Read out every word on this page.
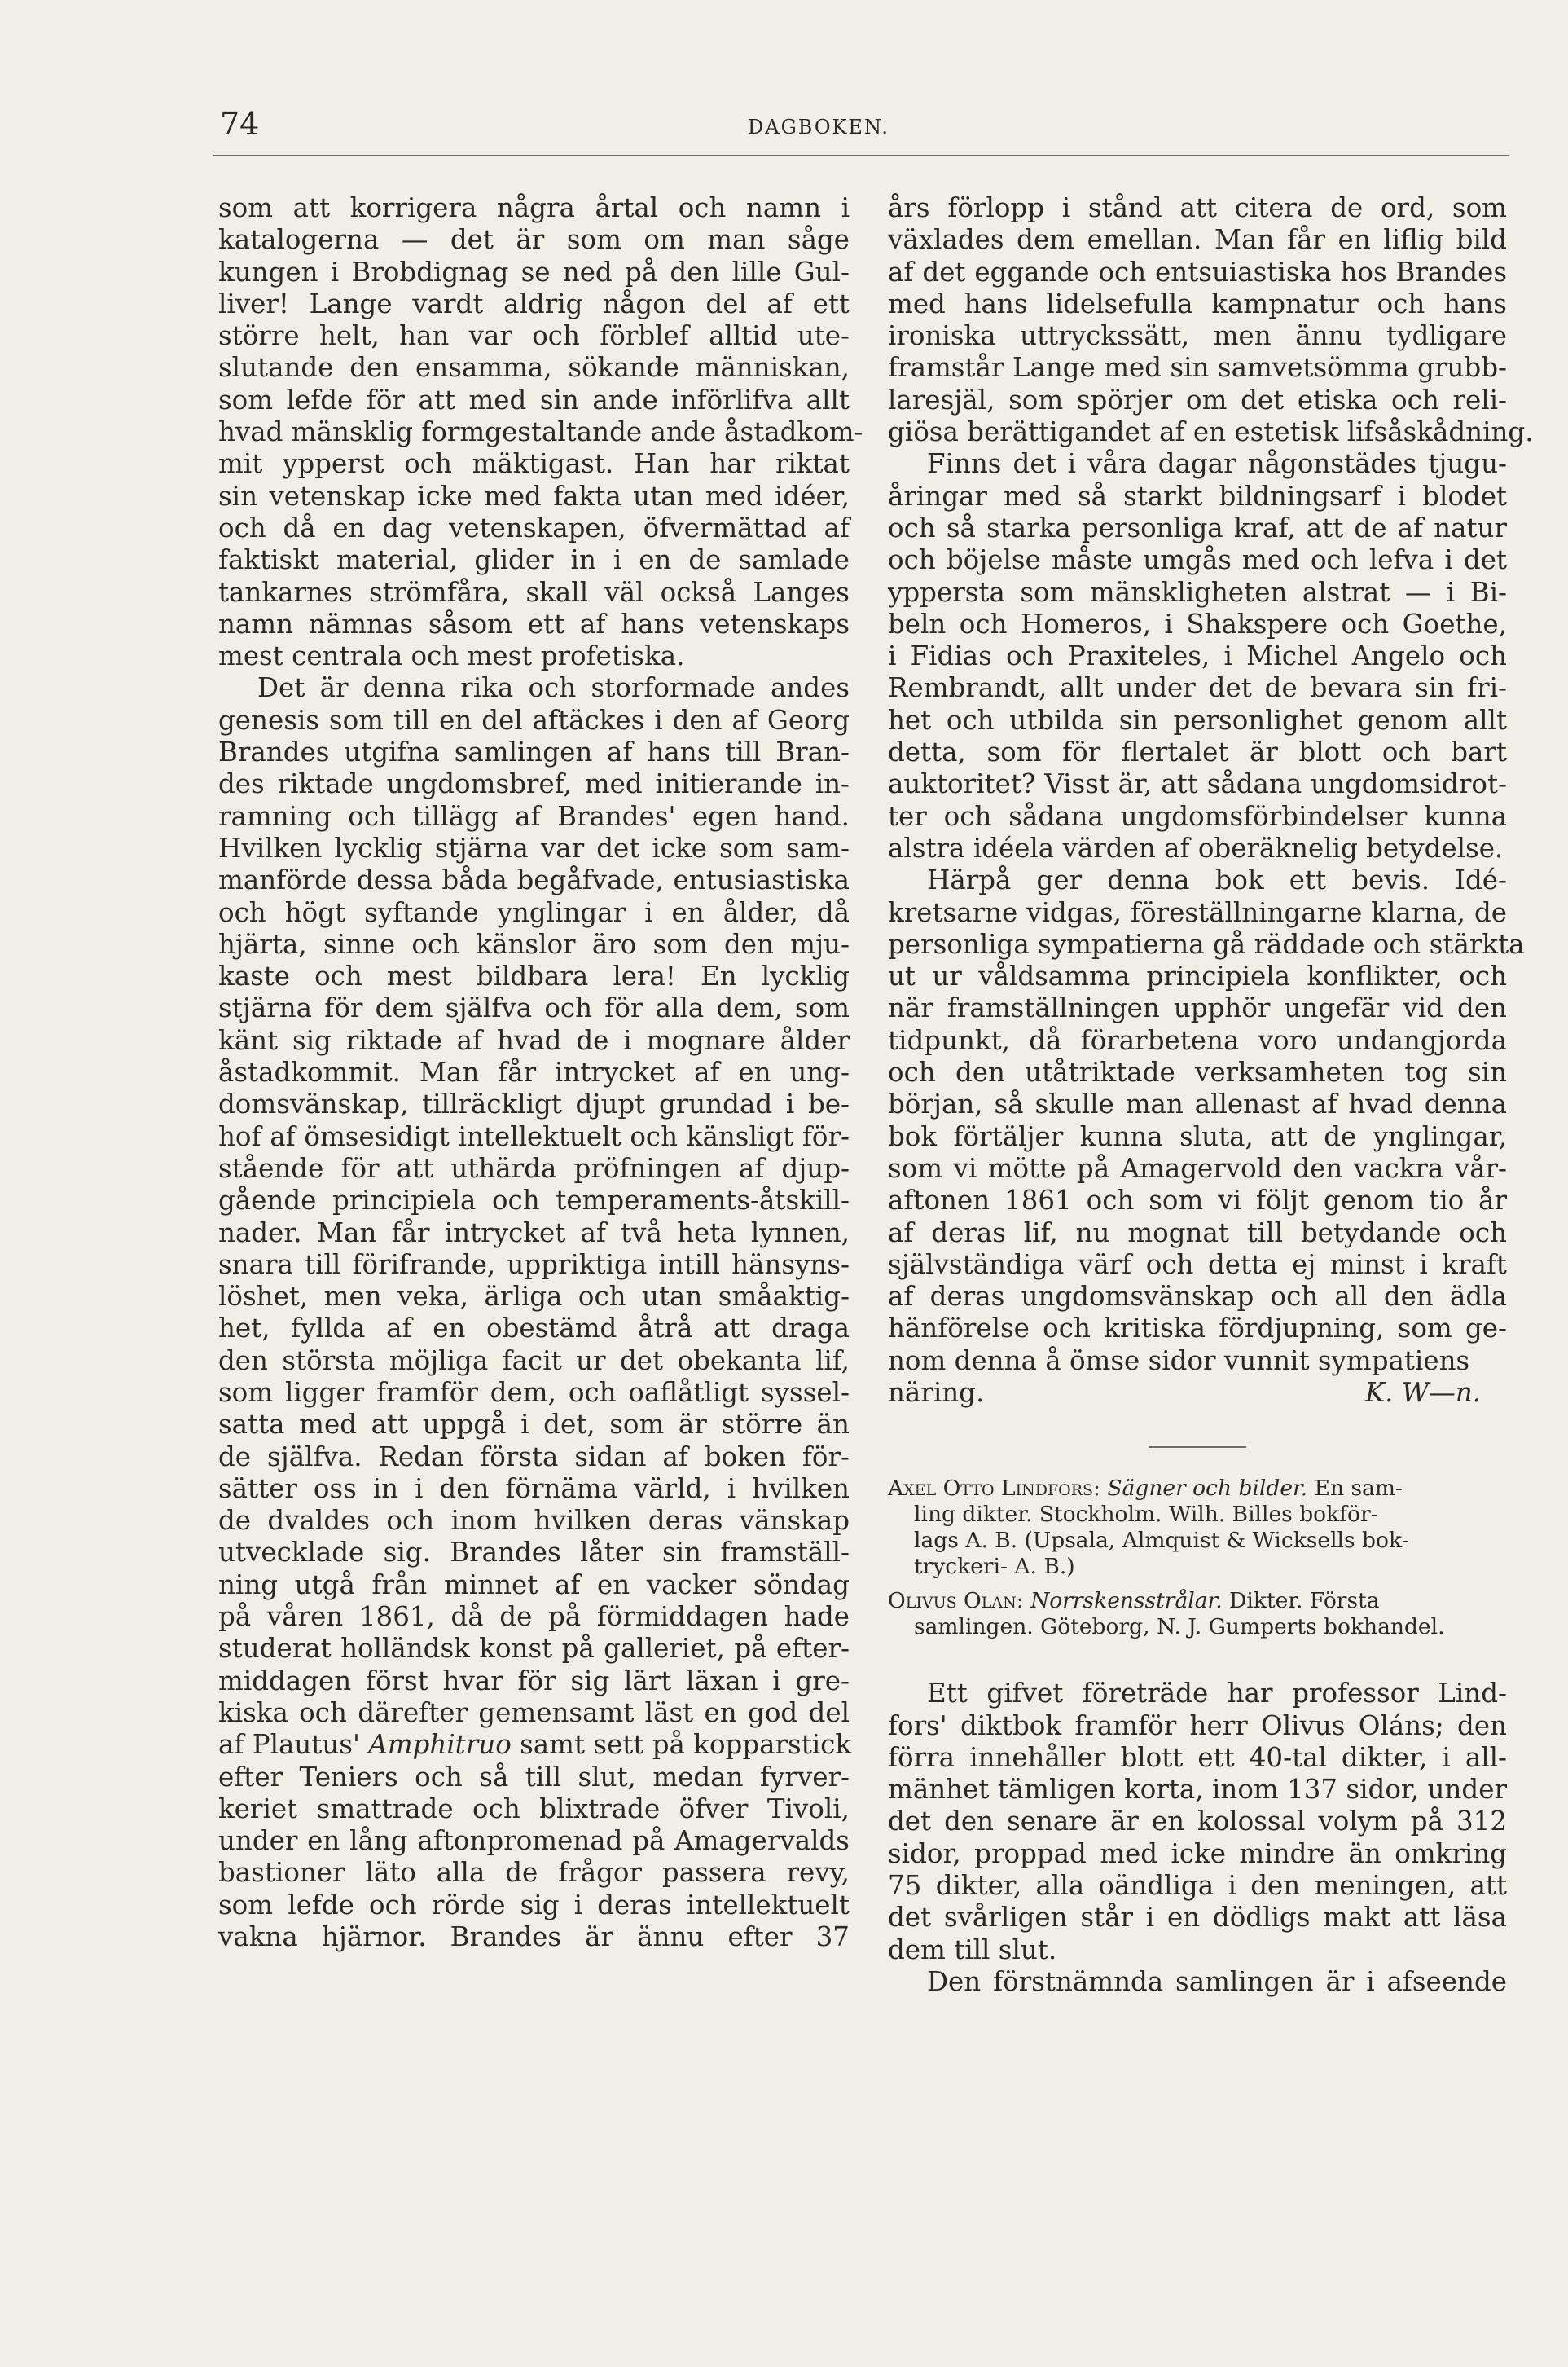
74	DAGBOKEN.

som att korrigera några årtal och namn i
katalogerna — det är som om man såge
kungen i Brobdignag se ned på den lille Gul-
liver! Lange vardt aldrig någon del af ett
större helt, han var och förblef alltid ute-
slutande den ensamma, sökande människan,
som lefde för att med sin ande införlifva allt
hvad mänsklig formgestaltande ande åstadkom-
mit ypperst och mäktigast. Han har riktat
sin vetenskap icke med fakta utan med idéer,
och då en dag vetenskapen, öfvermättad af
faktiskt material, glider in i en de samlade
tankarnes strömfåra, skall väl också Langes
namn nämnas såsom ett af hans vetenskaps
mest centrala och mest profetiska.

Det är denna rika och storformade andes
genesis som till en del aftäckes i den af Georg
Brandes utgifna samlingen af hans till Bran-
des riktade ungdomsbref, med initierande in-
ramning och tillägg af Brandes' egen hand.
Hvilken lycklig stjärna var det icke som sam-
manförde dessa båda begåfvade, entusiastiska
och högt syftande ynglingar i en ålder, då
hjärta, sinne och känslor äro som den mju-
kaste och mest bildbara lera! En lycklig
stjärna för dem själfva och för alla dem, som
känt sig riktade af hvad de i mognare ålder
åstadkommit. Man får intrycket af en ung-
domsvänskap, tillräckligt djupt grundad i be-
hof af ömsesidigt intellektuelt och känsligt för-
stående för att uthärda pröfningen af djup-
gående principiela och temperaments-åtskill-
nader. Man får intrycket af två heta lynnen,
snara till förifrande, uppriktiga intill hänsyns-
löshet, men veka, ärliga och utan småaktig-
het, fyllda af en obestämd åtrå att draga
den största möjliga facit ur det obekanta lif,
som ligger framför dem, och oaflåtligt syssel-
satta med att uppgå i det, som är större än
de själfva. Redan första sidan af boken för-
sätter oss in i den förnäma värld, i hvilken
de dvaldes och inom hvilken deras vänskap
utvecklade sig. Brandes låter sin framställ-
ning utgå från minnet af en vacker söndag
på våren 1861, då de på förmiddagen hade
studerat holländsk konst på galleriet, på efter-
middagen först hvar för sig lärt läxan i gre-
kiska och därefter gemensamt läst en god del

af Plautus' Amphitruo samt sett på kopparstick

efter Teniers och så till slut, medan fyrver-
keriet smattrade och blixtrade öfver Tivoli,
under en lång aftonpromenad på Amagervalds
bastioner läto alla de frågor passera revy,
som lefde och rörde sig i deras intellektuelt
vakna hjärnor. Brandes är ännu efter 37

års förlopp i stånd att citera de ord, som
växlades dem emellan. Man får en liflig bild
af det eggande och entsuiastiska hos Brandes
med hans lidelsefulla kampnatur och hans
ironiska uttryckssätt, men ännu tydligare
framstår Lange med sin samvetsömma grubb-
laresjäl, som spörjer om det etiska och reli-
giösa berättigandet af en estetisk lifsåskådning.

Finns det i våra dagar någonstädes tjugu-
åringar med så starkt bildningsarf i blodet
och så starka personliga kraf, att de af natur
och böjelse måste umgås med och lefva i det
yppersta som mänskligheten alstrat — i Bi-
beln och Homeros, i Shakspere och Goethe,
i Fidias och Praxiteles, i Michel Angelo och
Rembrandt, allt under det de bevara sin fri-
het och utbilda sin personlighet genom allt
detta, som för flertalet är blott och bart
auktoritet? Visst är, att sådana ungdomsidrot-
ter och sådana ungdomsförbindelser kunna
alstra idéela värden af oberäknelig betydelse.

Härpå ger denna bok ett bevis. Idé-
kretsarne vidgas, föreställningarne klarna, de
personliga sympatierna gå räddade och stärkta
ut ur våldsamma principiela konflikter, och
när framställningen upphör ungefär vid den
tidpunkt, då förarbetena voro undangjorda
och den utåtriktade verksamheten tog sin
början, så skulle man allenast af hvad denna
bok förtäljer kunna sluta, att de ynglingar,
som vi mötte på Amagervold den vackra vår-
aftonen 1861 och som vi följt genom tio år
af deras lif, nu mognat till betydande och
självständiga värf och detta ej minst i kraft
af deras ungdomsvänskap och all den ädla
hänförelse och kritiska fördjupning, som ge-
nom denna å ömse sidor vunnit sympatiens

näring.	K. W—n.
Axel Otto Lindfors: Sägner och bilder. En sam-
ling dikter. Stockholm. Wilh. Billes bokför-
lags A. B. (Upsala, Almquist & Wicksells bok-
tryckeri- A. B.)
Olivus Olan: Norrskensstrålar. Dikter. Första
samlingen. Göteborg, N. J. Gumperts bokhandel.

Ett gifvet företräde har professor Lind-
fors' diktbok framför herr Olivus Oláns; den
förra innehåller blott ett 40-tal dikter, i all-
mänhet tämligen korta, inom 137 sidor, under
det den senare är en kolossal volym på 312
sidor, proppad med icke mindre än omkring
75 dikter, alla oändliga i den meningen, att
det svårligen står i en dödligs makt att läsa
dem till slut.

Den förstnämnda samlingen är i afseende
